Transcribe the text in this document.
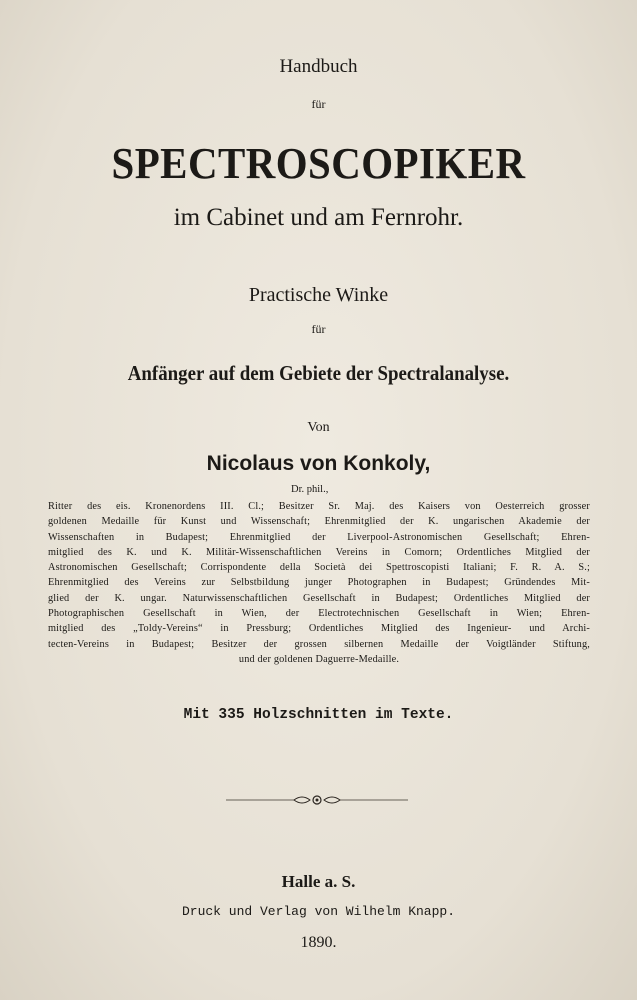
Handbuch
für
SPECTROSCOPIKER
im Cabinet und am Fernrohr.
Practische Winke
für
Anfänger auf dem Gebiete der Spectralanalyse.
Von
Nicolaus von Konkoly,
Dr. phil.,
Ritter des eis. Kronenordens III. Cl.; Besitzer Sr. Maj. des Kaisers von Oesterreich grosser
goldenen Medaille für Kunst und Wissenschaft; Ehrenmitglied der K. ungarischen Akademie der
Wissenschaften in Budapest; Ehrenmitglied der Liverpool-Astronomischen Gesellschaft; Ehren-
mitglied des K. und K. Militär-Wissenschaftlichen Vereins in Comorn; Ordentliches Mitglied der
Astronomischen Gesellschaft; Corrispondente della Società dei Spettroscopisti Italiani; F. R. A. S.;
Ehrenmitglied des Vereins zur Selbstbildung junger Photographen in Budapest; Gründendes Mit-
glied der K. ungar. Naturwissenschaftlichen Gesellschaft in Budapest; Ordentliches Mitglied der
Photographischen Gesellschaft in Wien, der Electrotechnischen Gesellschaft in Wien; Ehren-
mitglied des „Toldy-Vereins“ in Pressburg; Ordentliches Mitglied des Ingenieur- und Archi-
tecten-Vereins in Budapest; Besitzer der grossen silbernen Medaille der Voigtländer Stiftung,
und der goldenen Daguerre-Medaille.
Mit 335 Holzschnitten im Texte.
Halle a. S.
Druck und Verlag von Wilhelm Knapp.
1890.
